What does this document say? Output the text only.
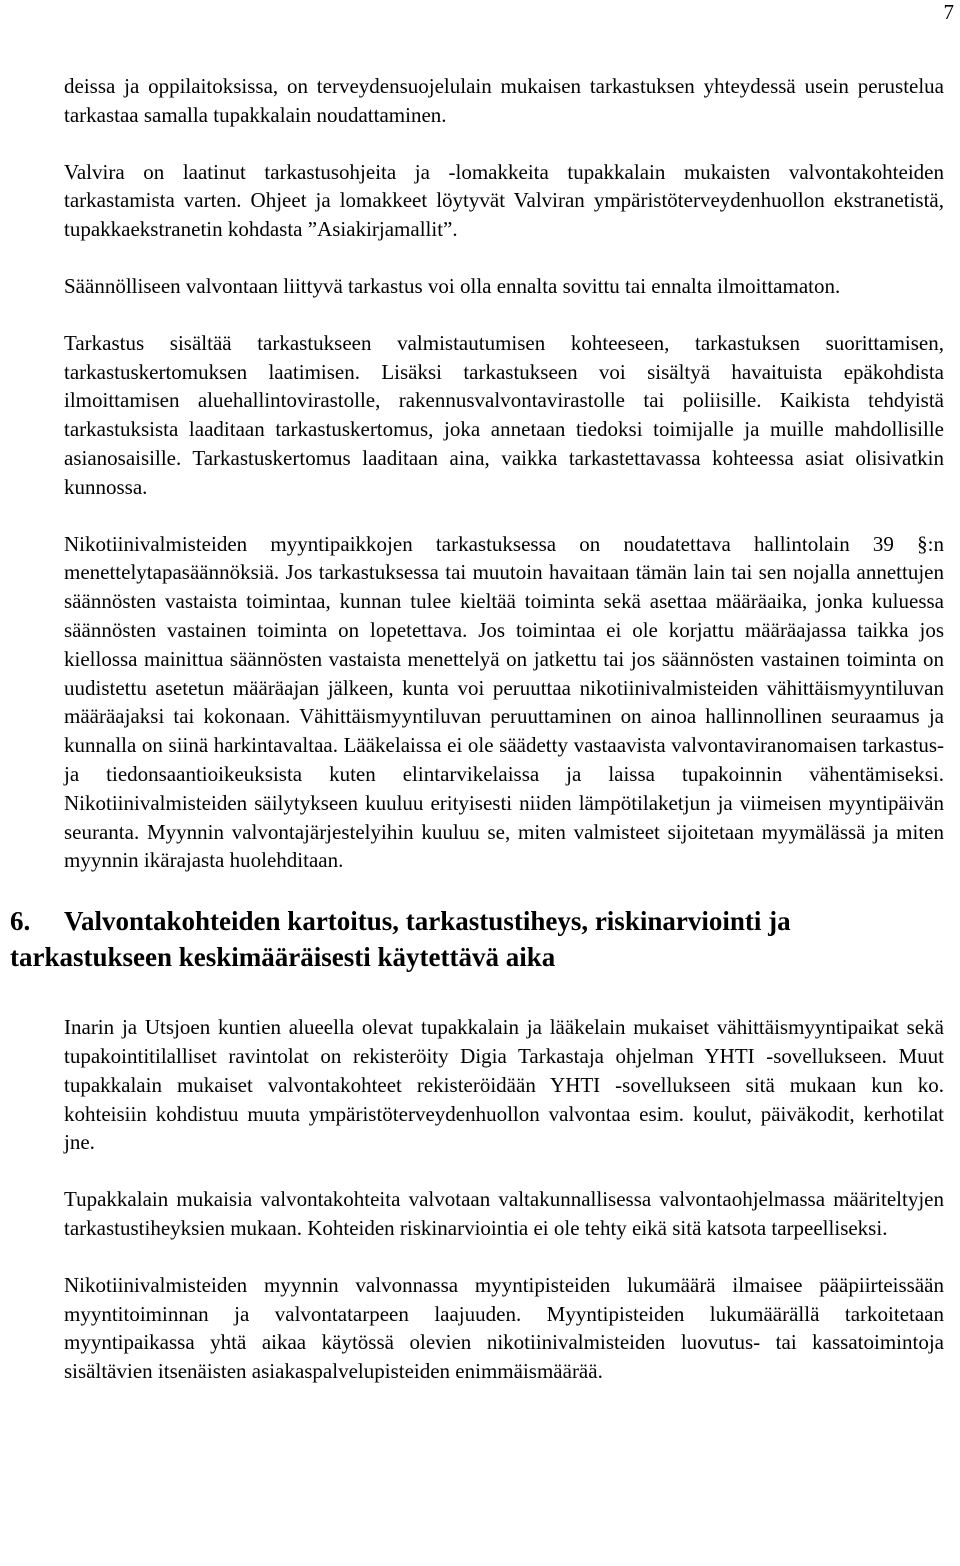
7

deissa ja oppilaitoksissa, on terveydensuojelulain mukaisen tarkastuksen yhteydessä usein perustelua tarkastaa samalla tupakkalain noudattaminen.

Valvira on laatinut tarkastusohjeita ja -lomakkeita tupakkalain mukaisten valvontakohteiden tarkastamista varten. Ohjeet ja lomakkeet löytyvät Valviran ympäristöterveydenhuollon ekstranetistä, tupakkaekstranetin kohdasta ”Asiakirjamallit”.

Säännölliseen valvontaan liittyvä tarkastus voi olla ennalta sovittu tai ennalta ilmoittamaton.

Tarkastus sisältää tarkastukseen valmistautumisen kohteeseen, tarkastuksen suorittamisen, tarkastuskertomuksen laatimisen. Lisäksi tarkastukseen voi sisältyä havaituista epäkohdista ilmoittamisen aluehallintovirastolle, rakennusvalvontavirastolle tai poliisille. Kaikista tehdyistä tarkastuksista laaditaan tarkastuskertomus, joka annetaan tiedoksi toimijalle ja muille mahdollisille asianosaisille. Tarkastuskertomus laaditaan aina, vaikka tarkastettavassa kohteessa asiat olisivatkin kunnossa.

Nikotiinivalmisteiden myyntipaikkojen tarkastuksessa on noudatettava hallintolain 39 §:n menettelytapasäännöksiä. Jos tarkastuksessa tai muutoin havaitaan tämän lain tai sen nojalla annettujen säännösten vastaista toimintaa, kunnan tulee kieltää toiminta sekä asettaa määräaika, jonka kuluessa säännösten vastainen toiminta on lopetettava. Jos toimintaa ei ole korjattu määräajassa taikka jos kiellossa mainittua säännösten vastaista menettelyä on jatkettu tai jos säännösten vastainen toiminta on uudistettu asetetun määräajan jälkeen, kunta voi peruuttaa nikotiinivalmisteiden vähittäismyyntiluvan määräajaksi tai kokonaan. Vähittäismyyntiluvan peruuttaminen on ainoa hallinnollinen seuraamus ja kunnalla on siinä harkintavaltaa. Lääkelaissa ei ole säädetty vastaavista valvontaviranomaisen tarkastus- ja tiedonsaantioikeuksista kuten elintarvikelaissa ja laissa tupakoinnin vähentämiseksi. Nikotiinivalmisteiden säilytykseen kuuluu erityisesti niiden lämpötilaketjun ja viimeisen myyntipäivän seuranta. Myynnin valvontajärjestelyihin kuuluu se, miten valmisteet sijoitetaan myymälässä ja miten myynnin ikärajasta huolehditaan.

6. Valvontakohteiden kartoitus, tarkastustiheys, riskinarviointi ja tarkastukseen keskimääräisesti käytettävä aika

Inarin ja Utsjoen kuntien alueella olevat tupakkalain ja lääkelain mukaiset vähittäismyyntipaikat sekä tupakointitilalliset ravintolat on rekisteröity Digia Tarkastaja ohjelman YHTI -sovellukseen. Muut tupakkalain mukaiset valvontakohteet rekisteröidään YHTI -sovellukseen sitä mukaan kun ko. kohteisiin kohdistuu muuta ympäristöterveydenhuollon valvontaa esim. koulut, päiväkodit, kerhotilat jne.

Tupakkalain mukaisia valvontakohteita valvotaan valtakunnallisessa valvontaohjelmassa määriteltyjen tarkastustiheyksien mukaan. Kohteiden riskinarviointia ei ole tehty eikä sitä katsota tarpeelliseksi.

Nikotiinivalmisteiden myynnin valvonnassa myyntipisteiden lukumäärä ilmaisee pääpiirteissään myyntitoiminnan ja valvontatarpeen laajuuden. Myyntipisteiden lukumäärällä tarkoitetaan myyntipaikassa yhtä aikaa käytössä olevien nikotiinivalmisteiden luovutus- tai kassatoimintoja sisältävien itsenäisten asiakaspalvelupisteiden enimmäismäärää.
